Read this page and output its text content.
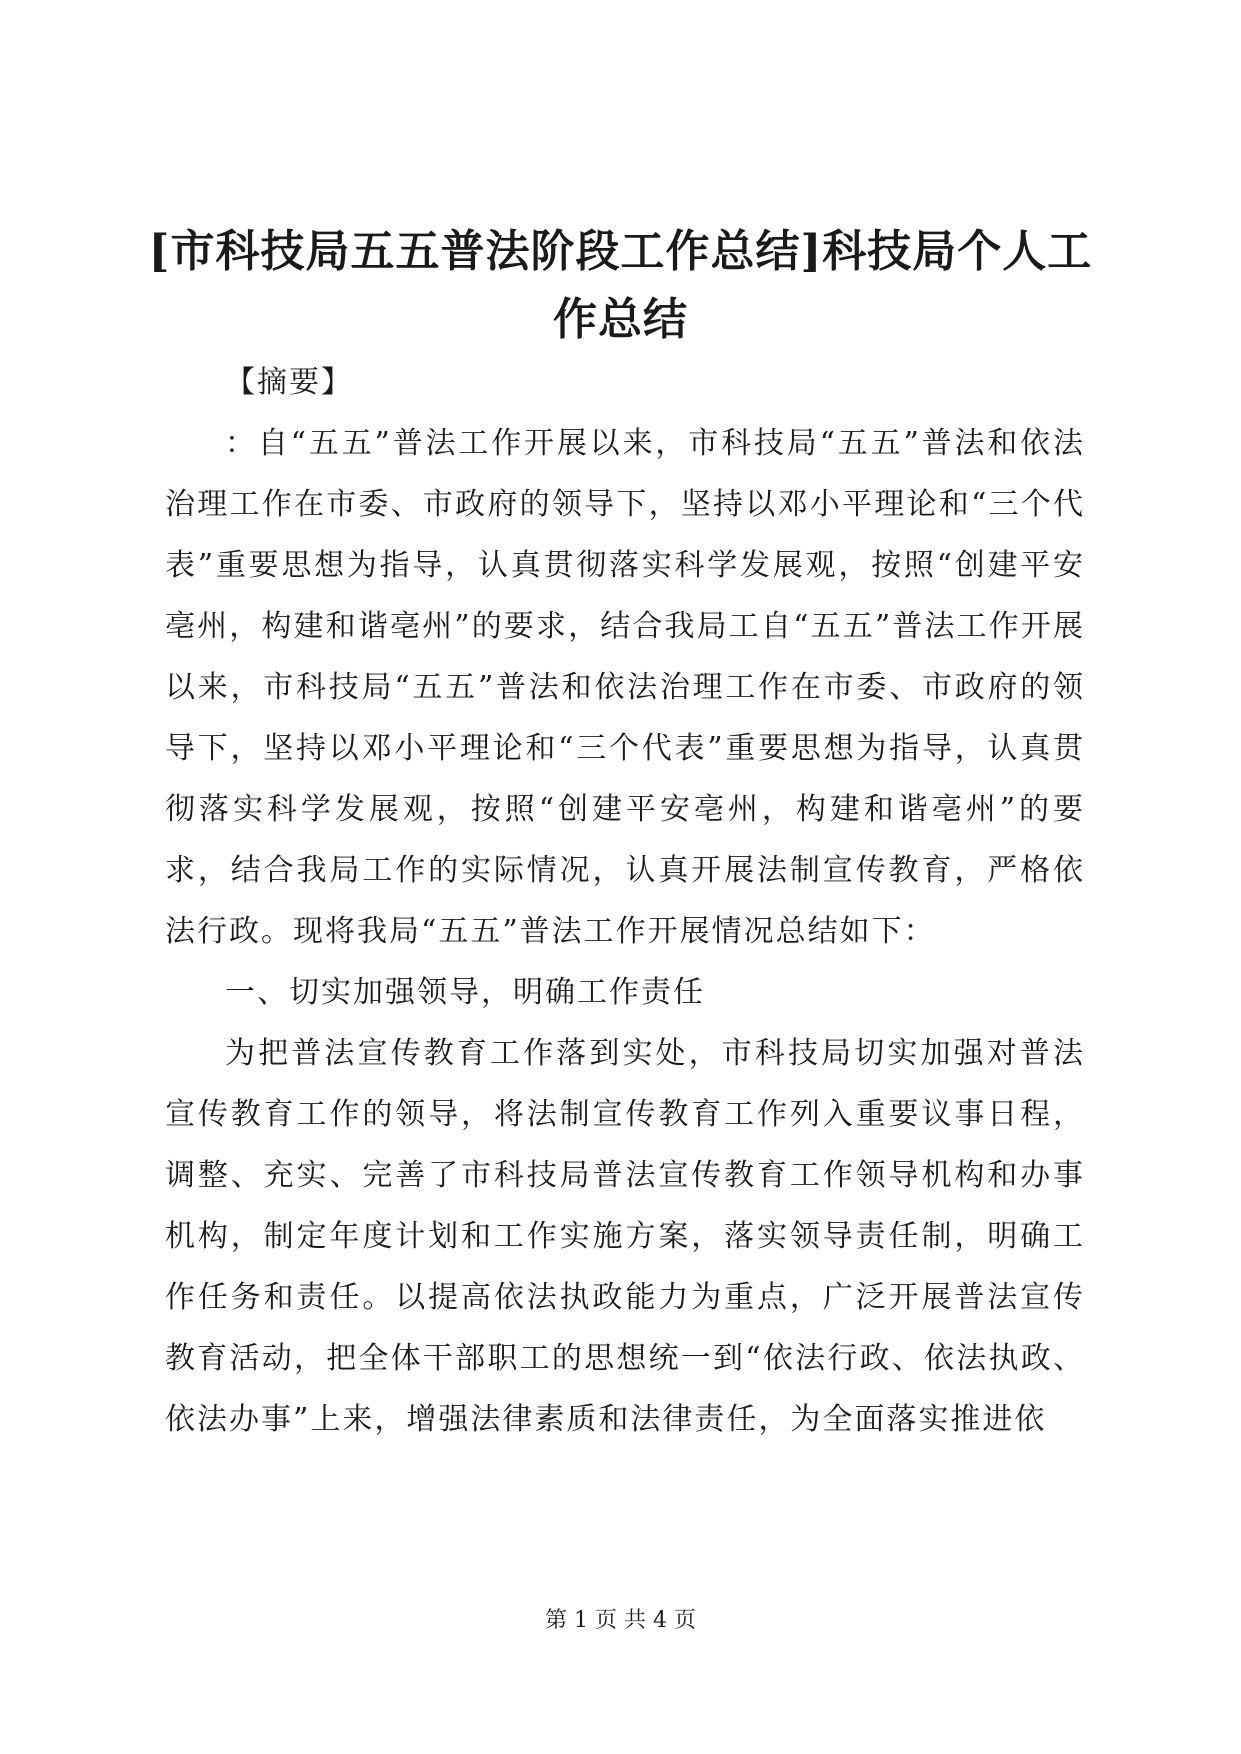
[市科技局五五普法阶段工作总结]科技局个人工作总结

【摘要】

：自“五五”普法工作开展以来，市科技局“五五”普法和依法治理工作在市委、市政府的领导下，坚持以邓小平理论和“三个代表”重要思想为指导，认真贯彻落实科学发展观，按照“创建平安亳州，构建和谐亳州”的要求，结合我局工自“五五”普法工作开展以来，市科技局“五五”普法和依法治理工作在市委、市政府的领导下，坚持以邓小平理论和“三个代表”重要思想为指导，认真贯彻落实科学发展观，按照“创建平安亳州，构建和谐亳州”的要求，结合我局工作的实际情况，认真开展法制宣传教育，严格依法行政。现将我局“五五”普法工作开展情况总结如下：

一、切实加强领导，明确工作责任

为把普法宣传教育工作落到实处，市科技局切实加强对普法宣传教育工作的领导，将法制宣传教育工作列入重要议事日程，调整、充实、完善了市科技局普法宣传教育工作领导机构和办事机构，制定年度计划和工作实施方案，落实领导责任制，明确工作任务和责任。以提高依法执政能力为重点，广泛开展普法宣传教育活动，把全体干部职工的思想统一到“依法行政、依法执政、依法办事”上来，增强法律素质和法律责任，为全面落实推进依

第 1 页 共 4 页
